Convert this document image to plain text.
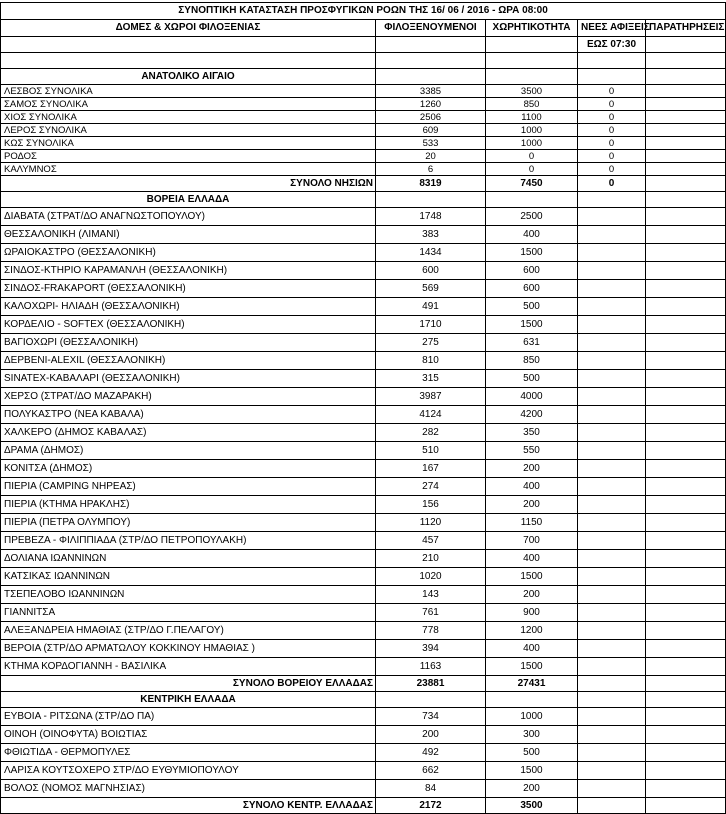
ΣΥΝΟΠΤΙΚΗ ΚΑΤΑΣΤΑΣΗ ΠΡΟΣΦΥΓΙΚΩΝ ΡΟΩΝ ΤΗΣ 16/ 06 / 2016 - ΩΡΑ 08:00				
ΔΟΜΕΣ & ΧΩΡΟΙ ΦΙΛΟΞΕΝΙΑΣ	ΦΙΛΟΞΕΝΟΥΜΕΝΟΙ	ΧΩΡΗΤΙΚΟΤΗΤΑ	ΝΕΕΣ ΑΦΙΞΕΙΣ	ΠΑΡΑΤΗΡΗΣΕΙΣ
			ΕΩΣ 07:30	

ΑΝΑΤΟΛΙΚΟ ΑΙΓΑΙΟ				
ΛΕΣΒΟΣ ΣΥΝΟΛΙΚΑ	3385	3500	0	
ΣΑΜΟΣ ΣΥΝΟΛΙΚΑ	1260	850	0	
ΧΙΟΣ ΣΥΝΟΛΙΚΑ	2506	1100	0	
ΛΕΡΟΣ ΣΥΝΟΛΙΚΑ	609	1000	0	
ΚΩΣ ΣΥΝΟΛΙΚΑ	533	1000	0	
ΡΟΔΟΣ	20	0	0	
ΚΑΛΥΜΝΟΣ	6	0	0	
ΣΥΝΟΛΟ ΝΗΣΙΩΝ	8319	7450	0	
ΒΟΡΕΙΑ ΕΛΛΑΔΑ				
ΔΙΑΒΑΤΑ (ΣΤΡΑΤ/ΔΟ ΑΝΑΓΝΩΣΤΟΠΟΥΛΟΥ)	1748	2500		
ΘΕΣΣΑΛΟΝΙΚΗ (ΛΙΜΑΝΙ)	383	400		
ΩΡΑΙΟΚΑΣΤΡΟ (ΘΕΣΣΑΛΟΝΙΚΗ)	1434	1500		
ΣΙΝΔΟΣ-ΚΤΗΡΙΟ ΚΑΡΑΜΑΝΛΗ (ΘΕΣΣΑΛΟΝΙΚΗ)	600	600		
ΣΙΝΔΟΣ-FRAKAPORT (ΘΕΣΣΑΛΟΝΙΚΗ)	569	600		
ΚΑΛΟΧΩΡΙ- ΗΛΙΑΔΗ (ΘΕΣΣΑΛΟΝΙΚΗ)	491	500		
ΚΟΡΔΕΛΙΟ - SOFTEX (ΘΕΣΣΑΛΟΝΙΚΗ)	1710	1500		
ΒΑΓΙΟΧΩΡΙ (ΘΕΣΣΑΛΟΝΙΚΗ)	275	631		
ΔΕΡΒΕΝΙ-ALEXIL (ΘΕΣΣΑΛΟΝΙΚΗ)	810	850		
SINATEX-ΚΑΒΑΛΑΡΙ (ΘΕΣΣΑΛΟΝΙΚΗ)	315	500		
ΧΕΡΣΟ (ΣΤΡΑΤ/ΔΟ ΜΑΖΑΡΑΚΗ)	3987	4000		
ΠΟΛΥΚΑΣΤΡΟ (ΝΕΑ ΚΑΒΑΛΑ)	4124	4200		
ΧΑΛΚΕΡΟ (ΔΗΜΟΣ ΚΑΒΑΛΑΣ)	282	350		
ΔΡΑΜΑ (ΔΗΜΟΣ)	510	550		
ΚΟΝΙΤΣΑ (ΔΗΜΟΣ)	167	200		
ΠΙΕΡΙΑ (CAMPING ΝΗΡΕΑΣ)	274	400		
ΠΙΕΡΙΑ (ΚΤΗΜΑ ΗΡΑΚΛΗΣ)	156	200		
ΠΙΕΡΙΑ (ΠΕΤΡΑ ΟΛΥΜΠΟΥ)	1120	1150		
ΠΡΕΒΕΖΑ - ΦΙΛΙΠΠΙΑΔΑ (ΣΤΡ/ΔΟ ΠΕΤΡΟΠΟΥΛΑΚΗ)	457	700		
ΔΟΛΙΑΝΑ ΙΩΑΝΝΙΝΩΝ	210	400		
ΚΑΤΣΙΚΑΣ ΙΩΑΝΝΙΝΩΝ	1020	1500		
ΤΣΕΠΕΛΟΒΟ ΙΩΑΝΝΙΝΩΝ	143	200		
ΓΙΑΝΝΙΤΣΑ	761	900		
ΑΛΕΞΑΝΔΡΕΙΑ ΗΜΑΘΙΑΣ (ΣΤΡ/ΔΟ Γ.ΠΕΛΑΓΟΥ)	778	1200		
ΒΕΡΟΙΑ (ΣΤΡ/ΔΟ ΑΡΜΑΤΩΛΟΥ ΚΟΚΚΙΝΟΥ ΗΜΑΘΙΑΣ )	394	400		
ΚΤΗΜΑ ΚΟΡΔΟΓΙΑΝΝΗ - ΒΑΣΙΛΙΚΑ	1163	1500		
ΣΥΝΟΛΟ ΒΟΡΕΙΟΥ ΕΛΛΑΔΑΣ	23881	27431		
ΚΕΝΤΡΙΚΗ ΕΛΛΑΔΑ				
ΕΥΒΟΙΑ - ΡΙΤΣΩΝΑ (ΣΤΡ/ΔΟ ΠΑ)	734	1000		
ΟΙΝΟΗ (ΟΙΝΟΦΥΤΑ) ΒΟΙΩΤΙΑΣ	200	300		
ΦΘΙΩΤΙΔΑ - ΘΕΡΜΟΠΥΛΕΣ	492	500		
ΛΑΡΙΣΑ ΚΟΥΤΣΟΧΕΡΟ ΣΤΡ/ΔΟ ΕΥΘΥΜΙΟΠΟΥΛΟΥ	662	1500		
ΒΟΛΟΣ (ΝΟΜΟΣ ΜΑΓΝΗΣΙΑΣ)	84	200		
ΣΥΝΟΛΟ ΚΕΝΤΡ. ΕΛΛΑΔΑΣ	2172	3500		
